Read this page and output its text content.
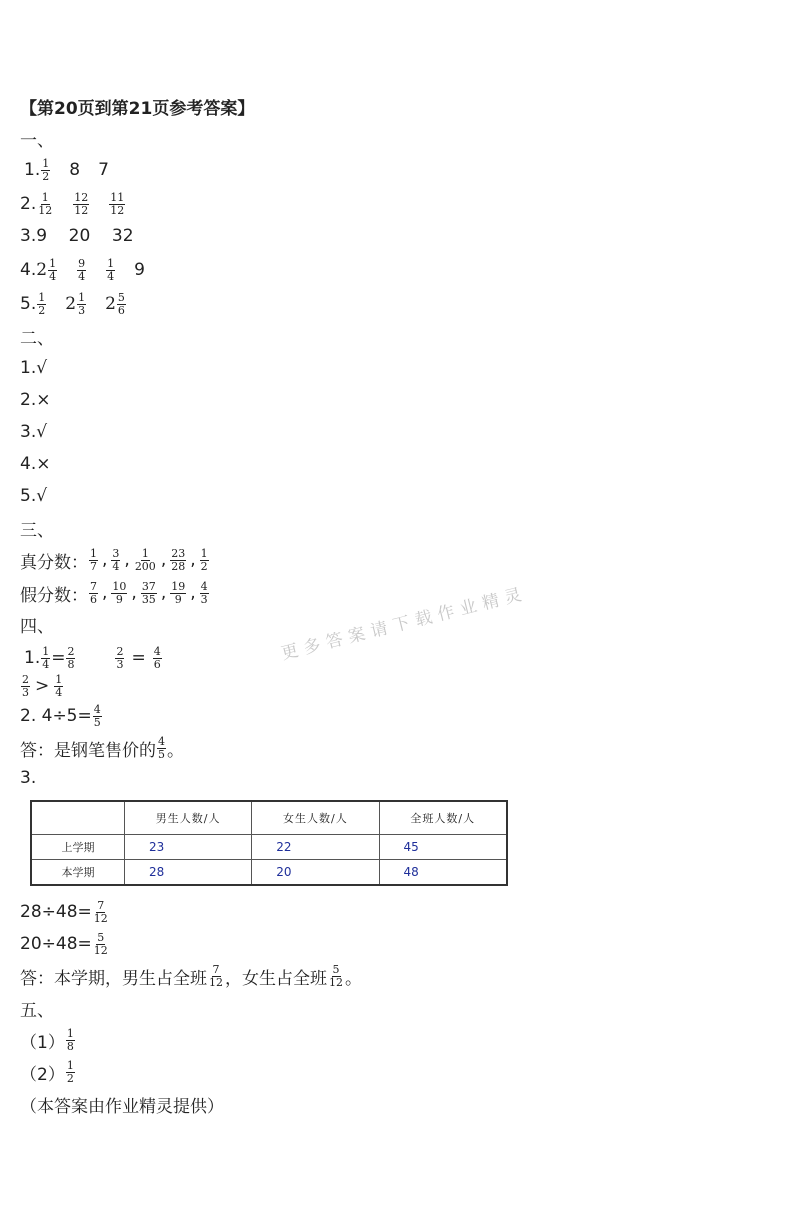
【第20页到第21页参考答案】
一、
1. $\frac{1}{2} 8$ 7
2. $\frac{1}{12} \frac{12}{12} \frac{11}{12}$
3. 9    20    32
4. $2 \frac{1}{4} \frac{9}{4} \frac{1}{4} 9$
5. $\frac{1}{2} 2 \frac{1}{3} 2 \frac{5}{6}$
二、
1.√
2.×
3.√
4.×
5.√
三、
真分数： $\frac{1}{7}$ , $\frac{3}{4}$ , $\frac{1}{200}$ , $\frac{23}{28}$ , $\frac{1}{2}$
假分数： $\frac{7}{6}$ , $\frac{10}{9}$ , $\frac{37}{35}$ , $\frac{19}{9}$ , $\frac{4}{3}$
四、
1. $\frac{1}{4} = \frac{2}{8}$	$\frac{2}{3} = \frac{4}{6}$
$\frac{2}{3} > \frac{1}{4}$
2. $4\div 5= \frac{4}{5}$
答：是钢笔售价的 $\frac{4}{5}$ 。
3.
	男生人数/人	女生人数/人	全班人数/人
上学期	23	22	45
本学期	28	20	48
$28\div 48= \frac{7}{12}$
$20\div 48= \frac{5}{12}$
答：本学期，男生占全班 $\frac{7}{12}$ ，女生占全班 $\frac{5}{12}$ 。
五、
$(1) \frac{1}{8}$
$(2) \frac{1}{2}$
（本答案由作业精灵提供）
更多答案请下载作业精灵
